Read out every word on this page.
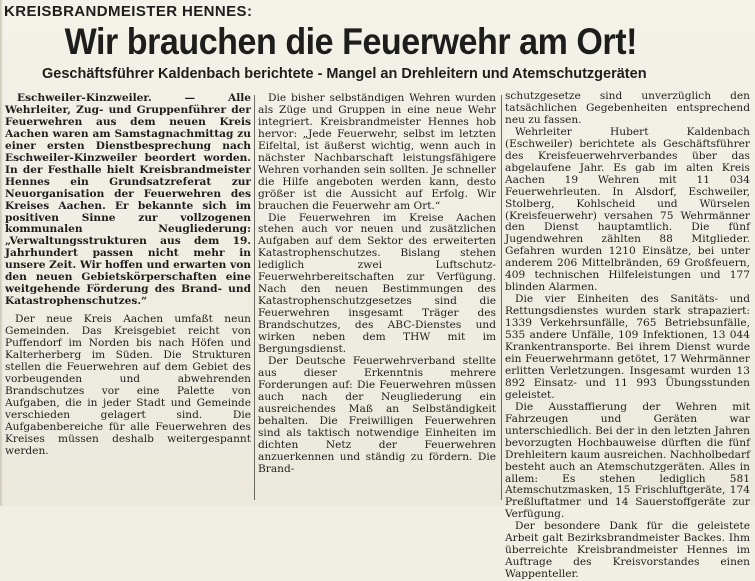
KREISBRANDMEISTER HENNES:
Wir brauchen die Feuerwehr am Ort!
Geschäftsführer Kaldenbach berichtete - Mangel an Drehleitern und Atemschutzgeräten

Eschweiler-Kinzweiler. — Alle Wehrleiter, Zug- und Gruppenführer der Feuerwehren aus dem neuen Kreis Aachen waren am Samstagnachmittag zu einer ersten Dienstbesprechung nach Eschweiler-Kinzweiler beordert worden. In der Festhalle hielt Kreisbrandmeister Hennes ein Grundsatzreferat zur Neuorganisation der Feuerwehren des Kreises Aachen. Er bekannte sich im positiven Sinne zur vollzogenen kommunalen Neugliederung: „Verwaltungsstrukturen aus dem 19. Jahrhundert passen nicht mehr in unsere Zeit. Wir hoffen und erwarten von den neuen Gebietskörperschaften eine weitgehende Förderung des Brand- und Katastrophenschutzes.“

Der neue Kreis Aachen umfaßt neun Gemeinden. Das Kreisgebiet reicht von Puffendorf im Norden bis nach Höfen und Kalterherberg im Süden. Die Strukturen stellen die Feuerwehren auf dem Gebiet des vorbeugenden und abwehrenden Brandschutzes vor eine Palette von Aufgaben, die in jeder Stadt und Gemeinde verschieden gelagert sind. Die Aufgabenbereiche für alle Feuerwehren des Kreises müssen deshalb weitergespannt werden.

Die bisher selbständigen Wehren wurden als Züge und Gruppen in eine neue Wehr integriert. Kreisbrandmeister Hennes hob hervor: „Jede Feuerwehr, selbst im letzten Eifeltal, ist äußerst wichtig, wenn auch in nächster Nachbarschaft leistungsfähigere Wehren vorhanden sein sollten. Je schneller die Hilfe angeboten werden kann, desto größer ist die Aussicht auf Erfolg. Wir brauchen die Feuerwehr am Ort.“

Die Feuerwehren im Kreise Aachen stehen auch vor neuen und zusätzlichen Aufgaben auf dem Sektor des erweiterten Katastrophenschutzes. Bislang stehen lediglich zwei Luftschutz-Feuerwehrbereitschaften zur Verfügung. Nach den neuen Bestimmungen des Katastrophenschutzgesetzes sind die Feuerwehren insgesamt Träger des Brandschutzes, des ABC-Dienstes und wirken neben dem THW mit im Bergungsdienst.

Der Deutsche Feuerwehrverband stellte aus dieser Erkenntnis mehrere Forderungen auf: Die Feuerwehren müssen auch nach der Neugliederung ein ausreichendes Maß an Selbständigkeit behalten. Die Freiwilligen Feuerwehren sind als taktisch notwendige Einheiten im dichten Netz der Feuerwehren anzuerkennen und ständig zu fördern. Die Brand-

schutzgesetze sind unverzüglich den tatsächlichen Gegebenheiten entsprechend neu zu fassen.

Wehrleiter Hubert Kaldenbach (Eschweiler) berichtete als Geschäftsführer des Kreisfeuerwehrverbandes über das abgelaufene Jahr. Es gab im alten Kreis Aachen 19 Wehren mit 11 034 Feuerwehrleuten. In Alsdorf, Eschweiler, Stolberg, Kohlscheid und Würselen (Kreisfeuerwehr) versahen 75 Wehrmänner den Dienst hauptamtlich. Die fünf Jugendwehren zählten 88 Mitglieder. Gefahren wurden 1210 Einsätze, bei unter anderem 206 Mittelbränden, 69 Großfeuern, 409 technischen Hilfeleistungen und 177 blinden Alarmen.

Die vier Einheiten des Sanitäts- und Rettungsdienstes wurden stark strapaziert: 1339 Verkehrsunfälle, 765 Betriebsunfälle, 535 andere Unfälle, 109 Infektionen, 13 044 Krankentransporte. Bei ihrem Dienst wurde ein Feuerwehrmann getötet, 17 Wehrmänner erlitten Verletzungen. Insgesamt wurden 13 892 Einsatz- und 11 993 Übungsstunden geleistet.

Die Ausstaffierung der Wehren mit Fahrzeugen und Geräten war unterschiedlich. Bei der in den letzten Jahren bevorzugten Hochbauweise dürften die fünf Drehleitern kaum ausreichen. Nachholbedarf besteht auch an Atemschutzgeräten. Alles in allem: Es stehen lediglich 581 Atemschutzmasken, 15 Frischluftgeräte, 174 Preßluftatmer und 14 Sauerstoffgeräte zur Verfügung.

Der besondere Dank für die geleistete Arbeit galt Bezirksbrandmeister Backes. Ihm überreichte Kreisbrandmeister Hennes im Auftrage des Kreisvorstandes einen Wappenteller.
